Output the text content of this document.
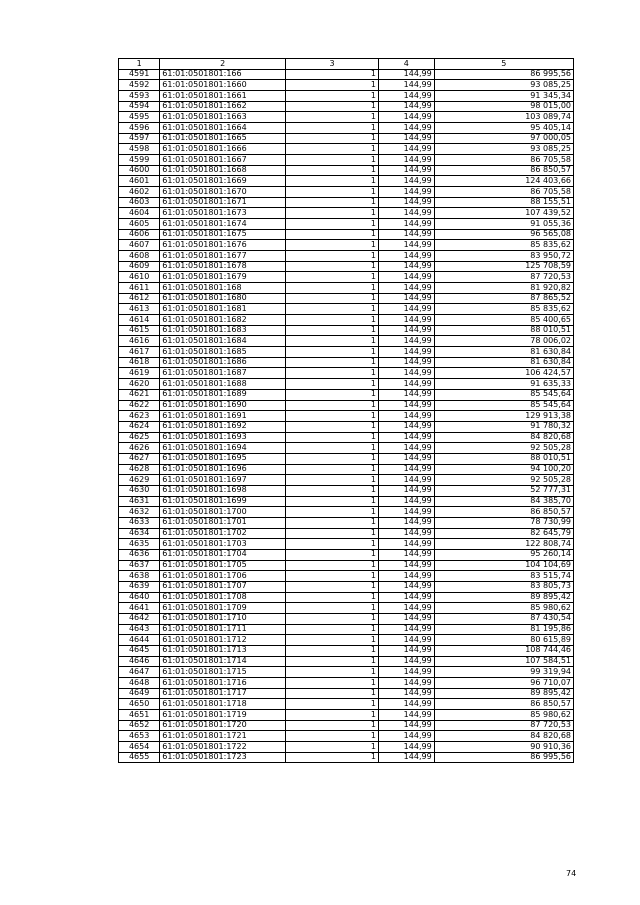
1	2	3	4	5
4591	61:01:0501801:166	1	144,99	86 995,56
4592	61:01:0501801:1660	1	144,99	93 085,25
4593	61:01:0501801:1661	1	144,99	91 345,34
4594	61:01:0501801:1662	1	144,99	98 015,00
4595	61:01:0501801:1663	1	144,99	103 089,74
4596	61:01:0501801:1664	1	144,99	95 405,14
4597	61:01:0501801:1665	1	144,99	97 000,05
4598	61:01:0501801:1666	1	144,99	93 085,25
4599	61:01:0501801:1667	1	144,99	86 705,58
4600	61:01:0501801:1668	1	144,99	86 850,57
4601	61:01:0501801:1669	1	144,99	124 403,66
4602	61:01:0501801:1670	1	144,99	86 705,58
4603	61:01:0501801:1671	1	144,99	88 155,51
4604	61:01:0501801:1673	1	144,99	107 439,52
4605	61:01:0501801:1674	1	144,99	91 055,36
4606	61:01:0501801:1675	1	144,99	96 565,08
4607	61:01:0501801:1676	1	144,99	85 835,62
4608	61:01:0501801:1677	1	144,99	83 950,72
4609	61:01:0501801:1678	1	144,99	125 708,59
4610	61:01:0501801:1679	1	144,99	87 720,53
4611	61:01:0501801:168	1	144,99	81 920,82
4612	61:01:0501801:1680	1	144,99	87 865,52
4613	61:01:0501801:1681	1	144,99	85 835,62
4614	61:01:0501801:1682	1	144,99	85 400,65
4615	61:01:0501801:1683	1	144,99	88 010,51
4616	61:01:0501801:1684	1	144,99	78 006,02
4617	61:01:0501801:1685	1	144,99	81 630,84
4618	61:01:0501801:1686	1	144,99	81 630,84
4619	61:01:0501801:1687	1	144,99	106 424,57
4620	61:01:0501801:1688	1	144,99	91 635,33
4621	61:01:0501801:1689	1	144,99	85 545,64
4622	61:01:0501801:1690	1	144,99	85 545,64
4623	61:01:0501801:1691	1	144,99	129 913,38
4624	61:01:0501801:1692	1	144,99	91 780,32
4625	61:01:0501801:1693	1	144,99	84 820,68
4626	61:01:0501801:1694	1	144,99	92 505,28
4627	61:01:0501801:1695	1	144,99	88 010,51
4628	61:01:0501801:1696	1	144,99	94 100,20
4629	61:01:0501801:1697	1	144,99	92 505,28
4630	61:01:0501801:1698	1	144,99	52 777,31
4631	61:01:0501801:1699	1	144,99	84 385,70
4632	61:01:0501801:1700	1	144,99	86 850,57
4633	61:01:0501801:1701	1	144,99	78 730,99
4634	61:01:0501801:1702	1	144,99	82 645,79
4635	61:01:0501801:1703	1	144,99	122 808,74
4636	61:01:0501801:1704	1	144,99	95 260,14
4637	61:01:0501801:1705	1	144,99	104 104,69
4638	61:01:0501801:1706	1	144,99	83 515,74
4639	61:01:0501801:1707	1	144,99	83 805,73
4640	61:01:0501801:1708	1	144,99	89 895,42
4641	61:01:0501801:1709	1	144,99	85 980,62
4642	61:01:0501801:1710	1	144,99	87 430,54
4643	61:01:0501801:1711	1	144,99	81 195,86
4644	61:01:0501801:1712	1	144,99	80 615,89
4645	61:01:0501801:1713	1	144,99	108 744,46
4646	61:01:0501801:1714	1	144,99	107 584,51
4647	61:01:0501801:1715	1	144,99	99 319,94
4648	61:01:0501801:1716	1	144,99	96 710,07
4649	61:01:0501801:1717	1	144,99	89 895,42
4650	61:01:0501801:1718	1	144,99	86 850,57
4651	61:01:0501801:1719	1	144,99	85 980,62
4652	61:01:0501801:1720	1	144,99	87 720,53
4653	61:01:0501801:1721	1	144,99	84 820,68
4654	61:01:0501801:1722	1	144,99	90 910,36
4655	61:01:0501801:1723	1	144,99	86 995,56
74
